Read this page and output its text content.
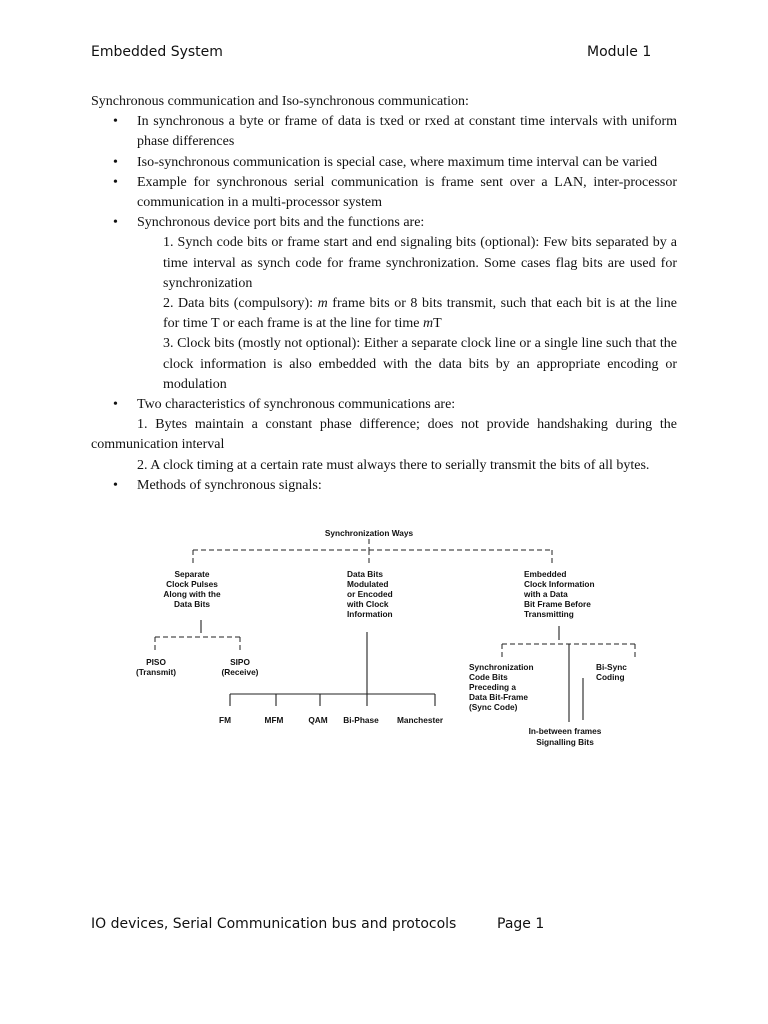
Embedded System	Module 1

Synchronous communication and Iso-synchronous communication:

• In synchronous a byte or frame of data is txed or rxed at constant time intervals with uniform phase differences

• Iso-synchronous communication is special case, where maximum time interval can be varied

• Example for synchronous serial communication is frame sent over a LAN, inter-processor communication in a multi-processor system

• Synchronous device port bits and the functions are:

1. Synch code bits or frame start and end signaling bits (optional): Few bits separated by a time interval as synch code for frame synchronization. Some cases flag bits are used for synchronization

2. Data bits (compulsory): m frame bits or 8 bits transmit, such that each bit is at the line for time T or each frame is at the line for time mT

3. Clock bits (mostly not optional): Either a separate clock line or a single line such that the clock information is also embedded with the data bits by an appropriate encoding or modulation

• Two characteristics of synchronous communications are:

1. Bytes maintain a constant phase difference; does not provide handshaking during the communication interval

2. A clock timing at a certain rate must always there to serially transmit the bits of all bytes.

• Methods of synchronous signals:

Synchronization Ways
Separate
Clock Pulses
Along with the
Data Bits
PISO
(Transmit)
SIPO
(Receive)
Data Bits
Modulated
or Encoded
with Clock
Information
FM	MFM	QAM Bi-Phase Manchester
Embedded
Clock Information
with a Data
Bit Frame Before
Transmitting
Synchronization
Code Bits
Preceding a
Data Bit-Frame
(Sync Code)
Bi-Sync
Coding
In-between frames
Signalling Bits
IO devices, Serial Communication bus and protocols	Page 1
